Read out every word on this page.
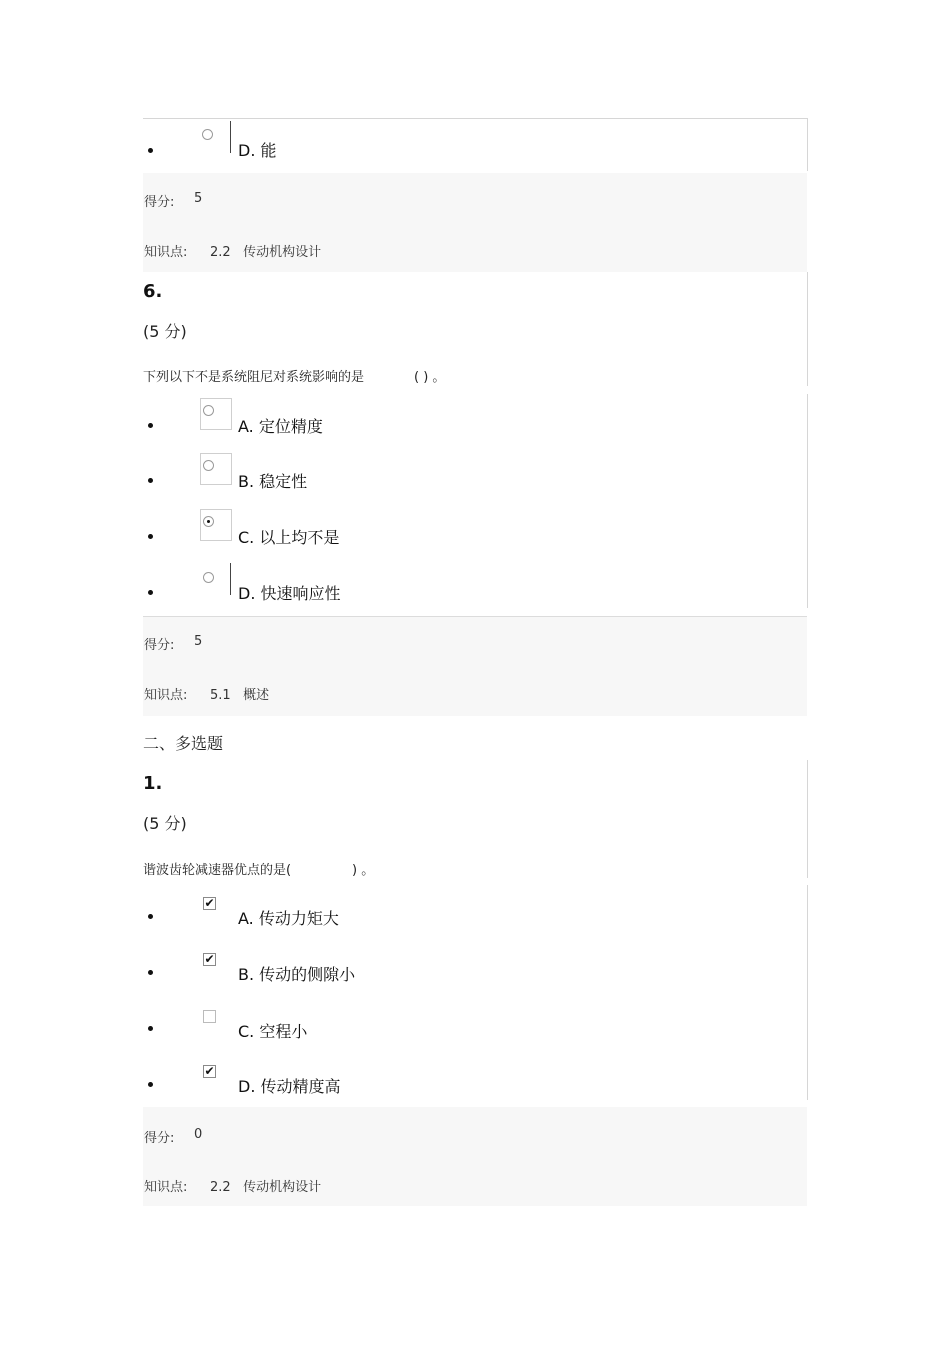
D. 能
得分: 5
知识点: 2.2   传动机构设计
6.
(5 分)
下列以下不是系统阻尼对系统影响的是	( ) 。
A. 定位精度
B. 稳定性
C. 以上均不是
D. 快速响应性
得分: 5
知识点: 5.1   概述
二、多选题
1.
(5 分)
谐波齿轮减速器优点的是(	) 。
✔
A. 传动力矩大
✔
B. 传动的侧隙小
C. 空程小
✔
D. 传动精度高
得分: 0
知识点: 2.2   传动机构设计
